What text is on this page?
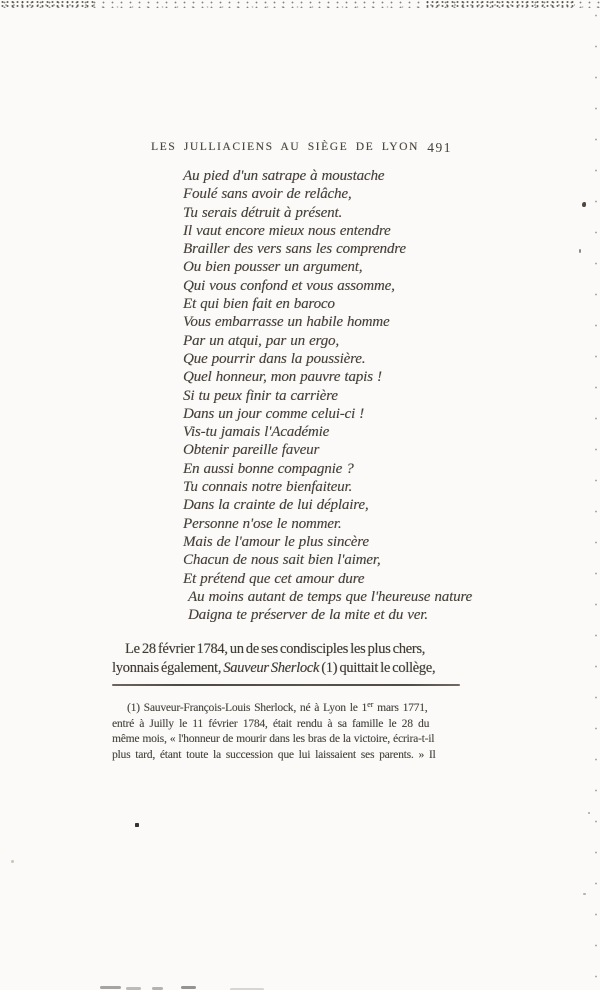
LES JULLIACIENS AU SIÈGE DE LYON 491
Au pied d'un satrape à moustache
Foulé sans avoir de relâche,
Tu serais détruit à présent.
Il vaut encore mieux nous entendre
Brailler des vers sans les comprendre
Ou bien pousser un argument,
Qui vous confond et vous assomme,
Et qui bien fait en baroco
Vous embarrasse un habile homme
Par un atqui, par un ergo,
Que pourrir dans la poussière.
Quel honneur, mon pauvre tapis !
Si tu peux finir ta carrière
Dans un jour comme celui-ci !
Vis-tu jamais l'Académie
Obtenir pareille faveur
En aussi bonne compagnie ?
Tu connais notre bienfaiteur.
Dans la crainte de lui déplaire,
Personne n'ose le nommer.
Mais de l'amour le plus sincère
Chacun de nous sait bien l'aimer,
Et prétend que cet amour dure
Au moins autant de temps que l'heureuse nature
Daigna te préserver de la mite et du ver.
Le 28 février 1784, un de ses condisciples les plus chers,
lyonnais également, Sauveur Sherlock (1) quittait le collège,
(1) Sauveur-François-Louis Sherlock, né à Lyon le 1er mars 1771,
entré à Juilly le 11 février 1784, était rendu à sa famille le 28 du
même mois, « l'honneur de mourir dans les bras de la victoire, écrira-t-il
plus tard, étant toute la succession que lui laissaient ses parents. » Il
